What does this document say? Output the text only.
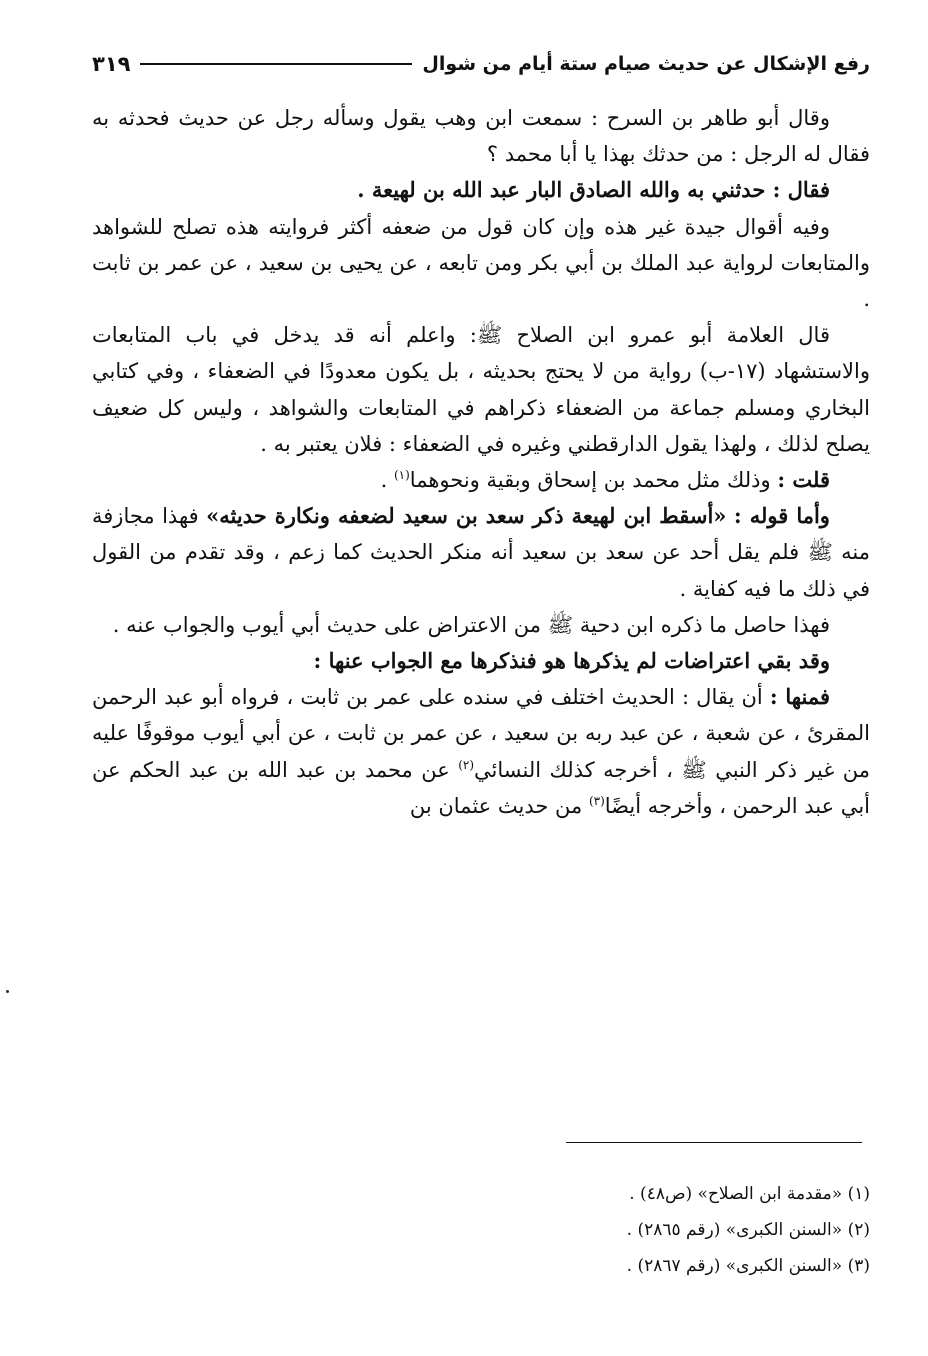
رفع الإشكال عن حديث صيام ستة أيام من شوال
٣١٩

وقال أبو طاهر بن السرح : سمعت ابن وهب يقول وسأله رجل عن حديث فحدثه به فقال له الرجل : من حدثك بهذا يا أبا محمد ؟

فقال : حدثني به والله الصادق البار عبد الله بن لهيعة .

وفيه أقوال جيدة غير هذه وإن كان قول من ضعفه أكثر فروايته هذه تصلح للشواهد والمتابعات لرواية عبد الملك بن أبي بكر ومن تابعه ، عن يحيى بن سعيد ، عن عمر بن ثابت .

قال العلامة أبو عمرو ابن الصلاح ﷺ: واعلم أنه قد يدخل في باب المتابعات والاستشهاد (١٧-ب) رواية من لا يحتج بحديثه ، بل يكون معدودًا في الضعفاء ، وفي كتابي البخاري ومسلم جماعة من الضعفاء ذكراهم في المتابعات والشواهد ، وليس كل ضعيف يصلح لذلك ، ولهذا يقول الدارقطني وغيره في الضعفاء : فلان يعتبر به .

قلت : وذلك مثل محمد بن إسحاق وبقية ونحوهما$^{(١)}$ .

وأما قوله : «أسقط ابن لهيعة ذكر سعد بن سعيد لضعفه ونكارة حديثه» فهذا مجازفة منه ﷺ فلم يقل أحد عن سعد بن سعيد أنه منكر الحديث كما زعم ، وقد تقدم من القول في ذلك ما فيه كفاية .

فهذا حاصل ما ذكره ابن دحية ﷺ من الاعتراض على حديث أبي أيوب والجواب عنه .

وقد بقي اعتراضات لم يذكرها هو فنذكرها مع الجواب عنها :

فمنها : أن يقال : الحديث اختلف في سنده على عمر بن ثابت ، فرواه أبو عبد الرحمن المقرئ ، عن شعبة ، عن عبد ربه بن سعيد ، عن عمر بن ثابت ، عن أبي أيوب موقوفًا عليه من غير ذكر النبي ﷺ ، أخرجه كذلك النسائي$^{(٢)}$ عن محمد بن عبد الله بن عبد الحكم عن أبي عبد الرحمن ، وأخرجه أيضًا$^{(٣)}$ من حديث عثمان بن

(١) «مقدمة ابن الصلاح» (ص٤٨) .
(٢) «السنن الكبرى» (رقم ٢٨٦٥) .
(٣) «السنن الكبرى» (رقم ٢٨٦٧) .
